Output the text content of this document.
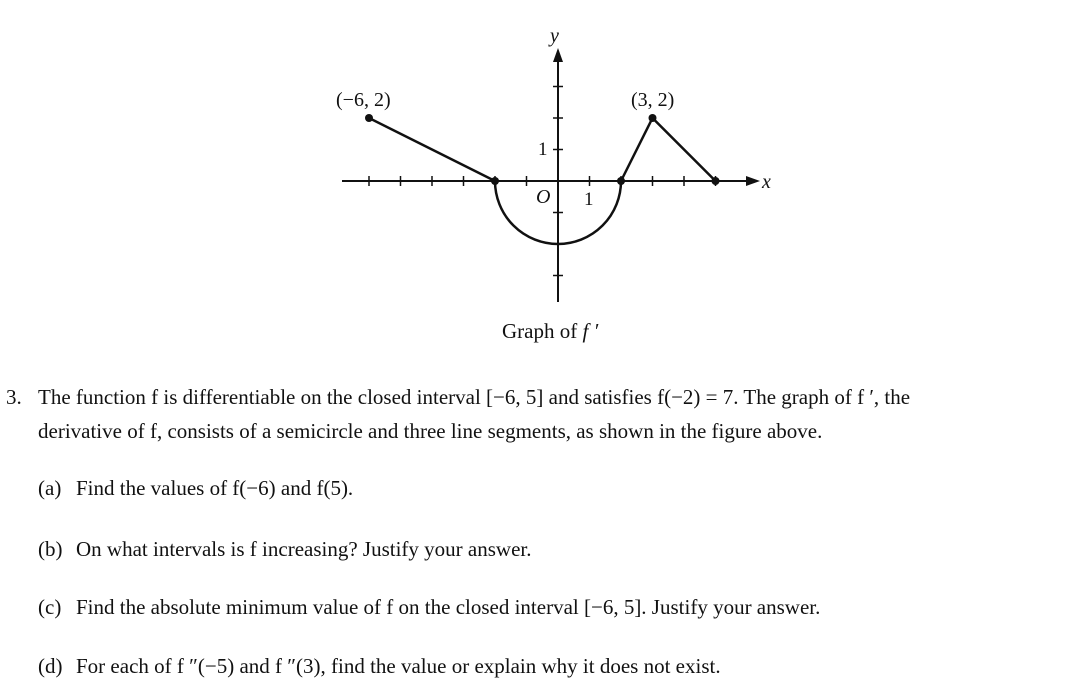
x
y
O 1
1
(−6, 2)	(3, 2)
Graph of f ′
3. The function f is differentiable on the closed interval [−6, 5] and satisfies f(−2) = 7. The graph of f ′, the
derivative of f, consists of a semicircle and three line segments, as shown in the figure above.
(a) Find the values of f(−6) and f(5).
(b) On what intervals is f increasing? Justify your answer.
(c) Find the absolute minimum value of f on the closed interval [−6, 5]. Justify your answer.
(d) For each of f ″(−5) and f ″(3), find the value or explain why it does not exist.
